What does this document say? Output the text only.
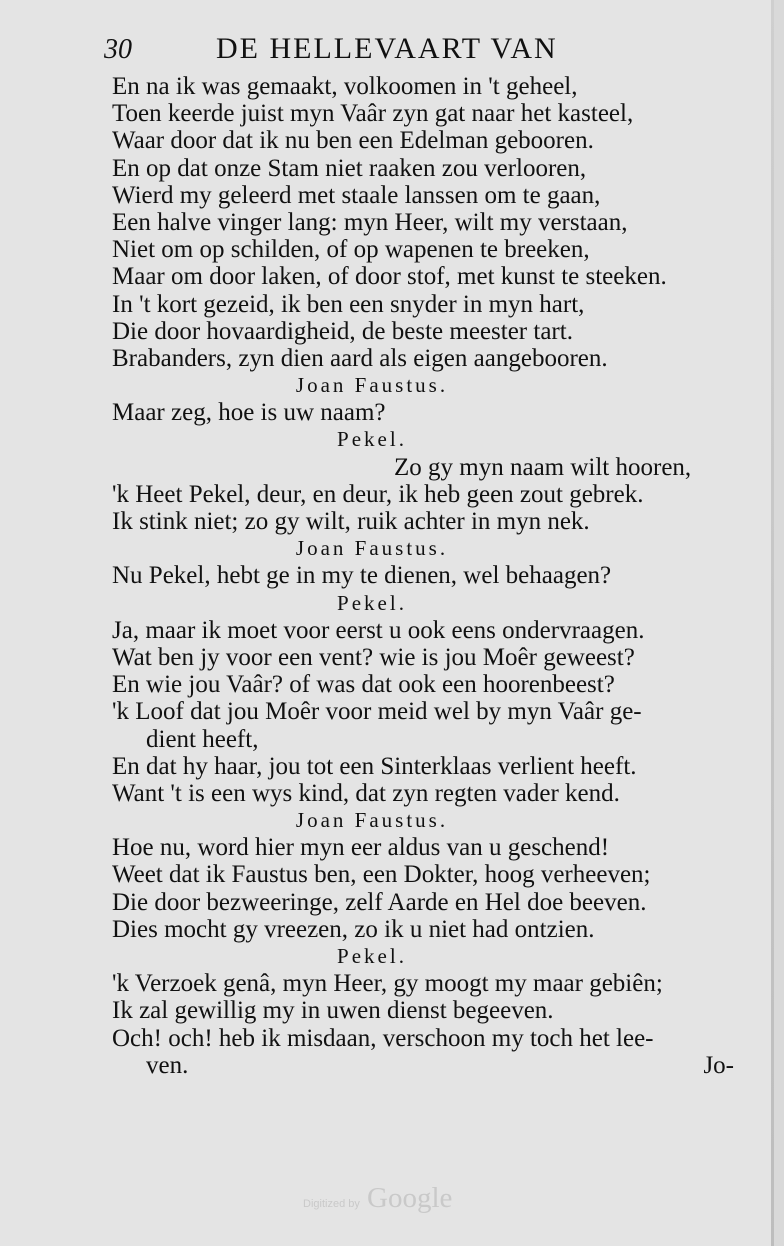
30	DE HELLEVAART VAN
En na ik was gemaakt, volkoomen in 't geheel,
Toen keerde juist myn Vaâr zyn gat naar het kasteel,
Waar door dat ik nu ben een Edelman gebooren.
En op dat onze Stam niet raaken zou verlooren,
Wierd my geleerd met staale lanssen om te gaan,
Een halve vinger lang: myn Heer, wilt my verstaan,
Niet om op schilden, of op wapenen te breeken,
Maar om door laken, of door stof, met kunst te steeken.
In 't kort gezeid, ik ben een snyder in myn hart,
Die door hovaardigheid, de beste meester tart.
Brabanders, zyn dien aard als eigen aangebooren.
Joan Faustus.
Maar zeg, hoe is uw naam?
Pekel.
Zo gy myn naam wilt hooren,
'k Heet Pekel, deur, en deur, ik heb geen zout gebrek.
Ik stink niet; zo gy wilt, ruik achter in myn nek.
Joan Faustus.
Nu Pekel, hebt ge in my te dienen, wel behaagen?
Pekel.
Ja, maar ik moet voor eerst u ook eens ondervraagen.
Wat ben jy voor een vent? wie is jou Moêr geweest?
En wie jou Vaâr? of was dat ook een hoorenbeest?
'k Loof dat jou Moêr voor meid wel by myn Vaâr ge-
dient heeft,
En dat hy haar, jou tot een Sinterklaas verlient heeft.
Want 't is een wys kind, dat zyn regten vader kend.
Joan Faustus.
Hoe nu, word hier myn eer aldus van u geschend!
Weet dat ik Faustus ben, een Dokter, hoog verheeven;
Die door bezweeringe, zelf Aarde en Hel doe beeven.
Dies mocht gy vreezen, zo ik u niet had ontzien.
Pekel.
'k Verzoek genâ, myn Heer, gy moogt my maar gebiên;
Ik zal gewillig my in uwen dienst begeeven.
Och! och! heb ik misdaan, verschoon my toch het lee-
ven.	Jo-
Digitized by Google
